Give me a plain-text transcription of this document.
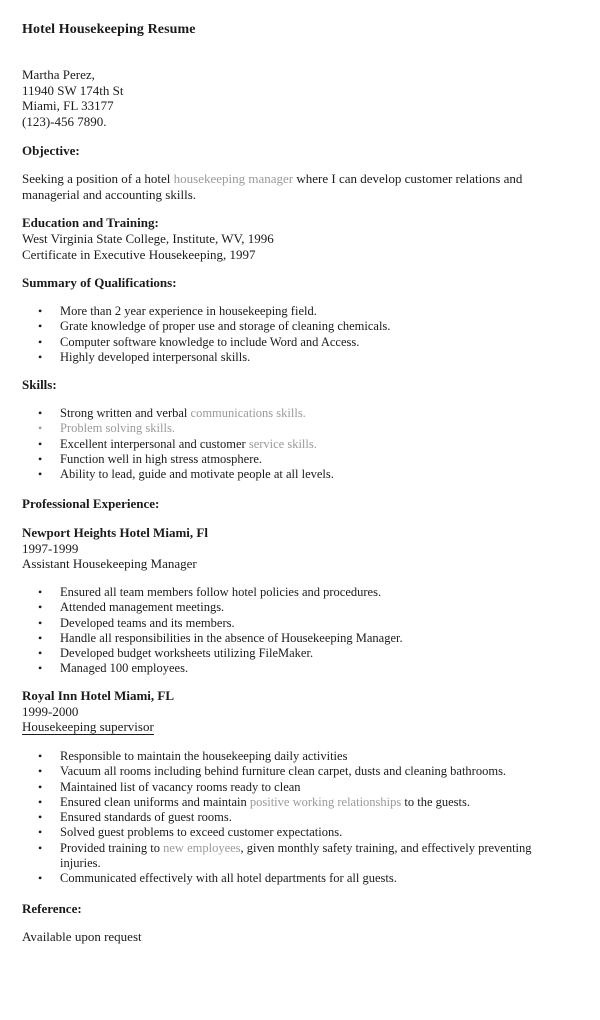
Hotel Housekeeping Resume
Martha Perez,
11940 SW 174th St
Miami, FL 33177
(123)-456 7890.
Objective:
Seeking a position of a hotel housekeeping manager where I can develop customer relations and
managerial and accounting skills.
Education and Training:
West Virginia State College, Institute, WV, 1996
Certificate in Executive Housekeeping, 1997
Summary of Qualifications:
• More than 2 year experience in housekeeping field.
• Grate knowledge of proper use and storage of cleaning chemicals.
• Computer software knowledge to include Word and Access.
• Highly developed interpersonal skills.
Skills:
• Strong written and verbal communications skills.
• Problem solving skills.
• Excellent interpersonal and customer service skills.
• Function well in high stress atmosphere.
• Ability to lead, guide and motivate people at all levels.
Professional Experience:
Newport Heights Hotel Miami, Fl
1997-1999
Assistant Housekeeping Manager
• Ensured all team members follow hotel policies and procedures.
• Attended management meetings.
• Developed teams and its members.
• Handle all responsibilities in the absence of Housekeeping Manager.
• Developed budget worksheets utilizing FileMaker.
• Managed 100 employees.
Royal Inn Hotel Miami, FL
1999-2000
Housekeeping supervisor
• Responsible to maintain the housekeeping daily activities
• Vacuum all rooms including behind furniture clean carpet, dusts and cleaning bathrooms.
• Maintained list of vacancy rooms ready to clean
• Ensured clean uniforms and maintain positive working relationships to the guests.
• Ensured standards of guest rooms.
• Solved guest problems to exceed customer expectations.
• Provided training to new employees, given monthly safety training, and effectively preventing
injuries.
• Communicated effectively with all hotel departments for all guests.
Reference:
Available upon request
